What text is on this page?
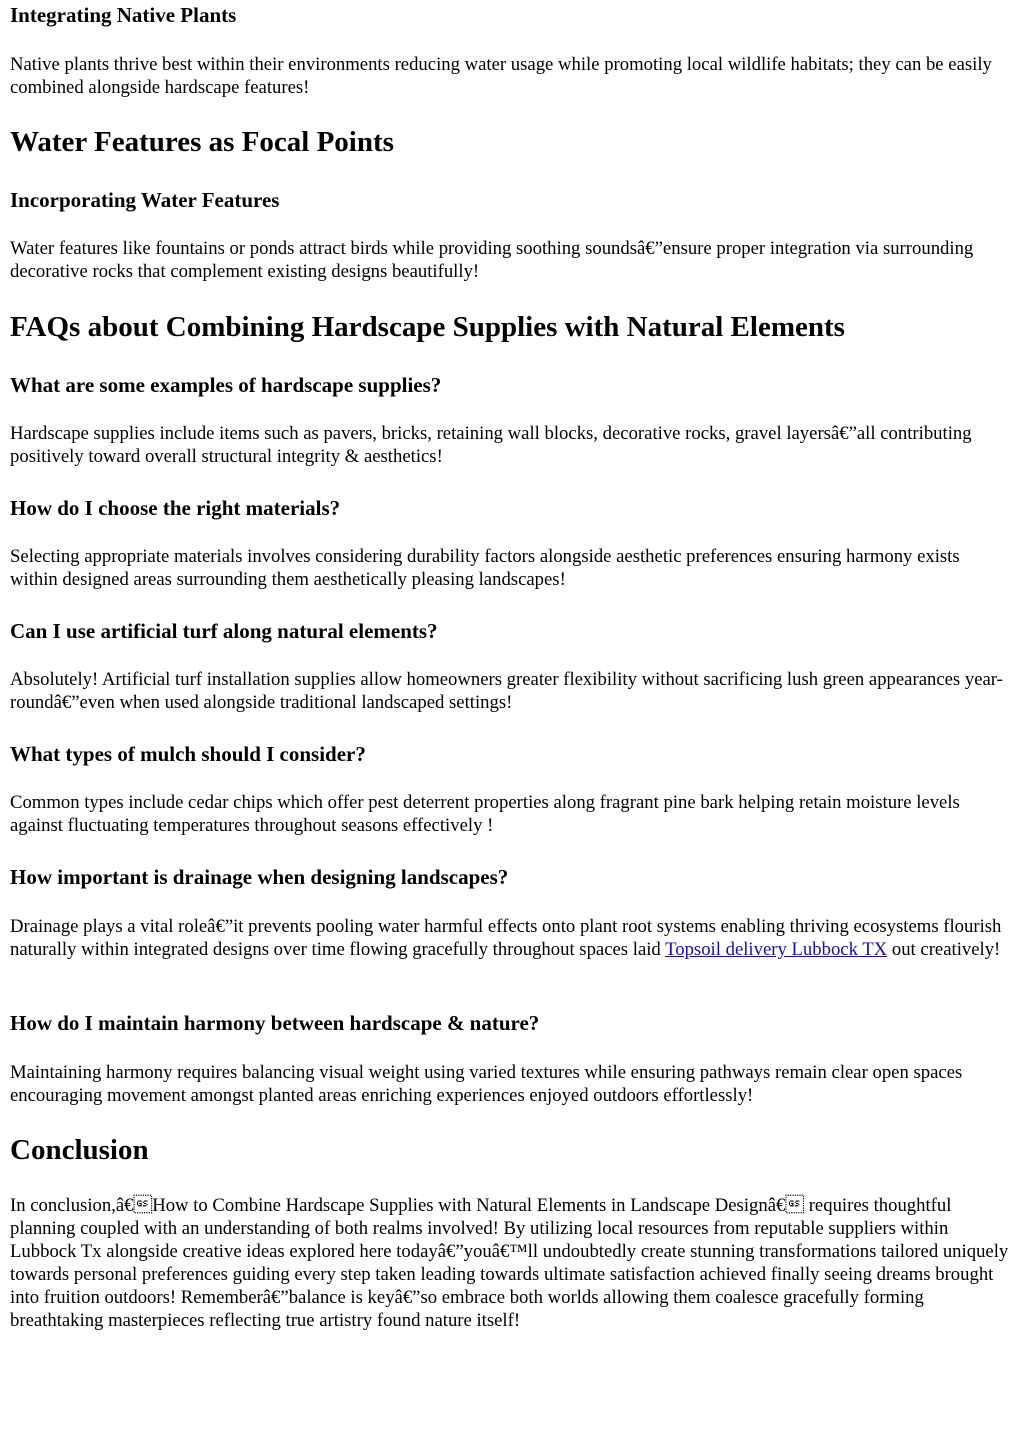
Integrating Native Plants

Native plants thrive best within their environments reducing water usage while promoting local wildlife habitats; they can be easily combined alongside hardscape features!

Water Features as Focal Points
Incorporating Water Features

Water features like fountains or ponds attract birds while providing soothing soundsâ€”ensure proper integration via surrounding decorative rocks that complement existing designs beautifully!

FAQs about Combining Hardscape Supplies with Natural Elements
What are some examples of hardscape supplies?

Hardscape supplies include items such as pavers, bricks, retaining wall blocks, decorative rocks, gravel layersâ€”all contributing positively toward overall structural integrity & aesthetics!

How do I choose the right materials?

Selecting appropriate materials involves considering durability factors alongside aesthetic preferences ensuring harmony exists within designed areas surrounding them aesthetically pleasing landscapes!

Can I use artificial turf along natural elements?

Absolutely! Artificial turf installation supplies allow homeowners greater flexibility without sacrificing lush green appearances year-roundâ€”even when used alongside traditional landscaped settings!

What types of mulch should I consider?

Common types include cedar chips which offer pest deterrent properties along fragrant pine bark helping retain moisture levels against fluctuating temperatures throughout seasons effectively !

How important is drainage when designing landscapes?

Drainage plays a vital roleâ€”it prevents pooling water harmful effects onto plant root systems enabling thriving ecosystems flourish naturally within integrated designs over time flowing gracefully throughout spaces laid Topsoil delivery Lubbock TX out creatively!

How do I maintain harmony between hardscape & nature?

Maintaining harmony requires balancing visual weight using varied textures while ensuring pathways remain clear open spaces encouraging movement amongst planted areas enriching experiences enjoyed outdoors effortlessly!

Conclusion

In conclusion,â€How to Combine Hardscape Supplies with Natural Elements in Landscape Designâ€ requires thoughtful planning coupled with an understanding of both realms involved! By utilizing local resources from reputable suppliers within Lubbock Tx alongside creative ideas explored here todayâ€”youâ€™ll undoubtedly create stunning transformations tailored uniquely towards personal preferences guiding every step taken leading towards ultimate satisfaction achieved finally seeing dreams brought into fruition outdoors! Rememberâ€”balance is keyâ€”so embrace both worlds allowing them coalesce gracefully forming breathtaking masterpieces reflecting true artistry found nature itself!
